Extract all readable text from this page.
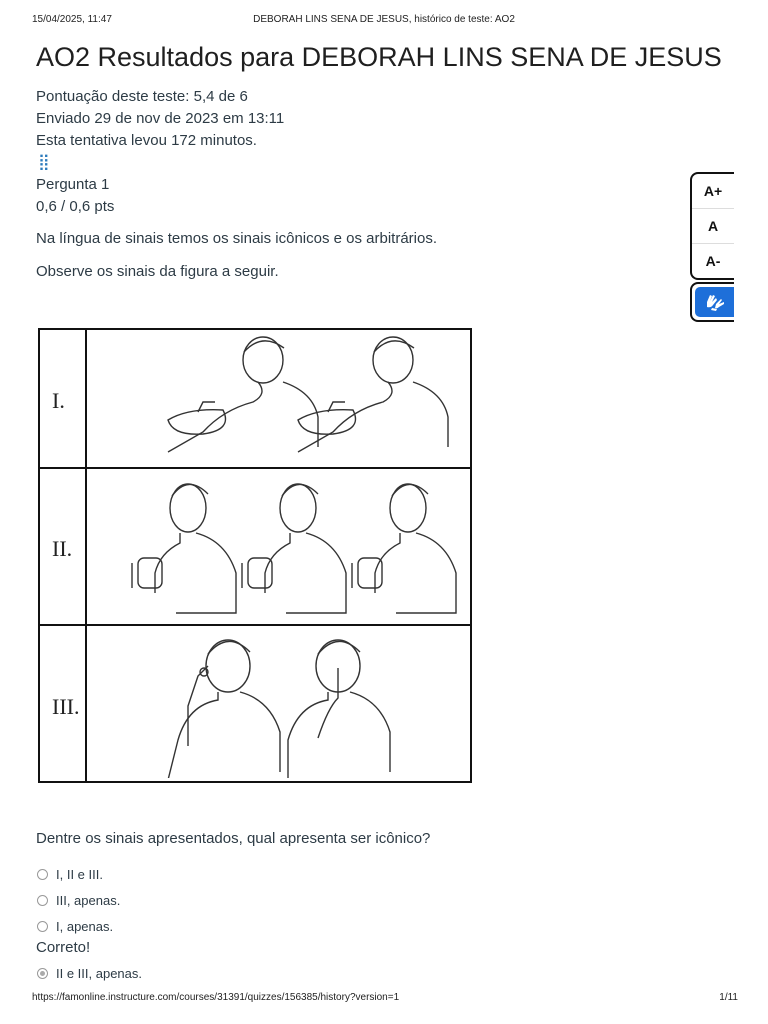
15/04/2025, 11:47	DEBORAH LINS SENA DE JESUS, histórico de teste: AO2
AO2 Resultados para DEBORAH LINS SENA DE JESUS
Pontuação deste teste: 5,4 de 6
Enviado 29 de nov de 2023 em 13:11
Esta tentativa levou 172 minutos.
⣿
Pergunta 1
0,6 / 0,6 pts
Na língua de sinais temos os sinais icônicos e os arbitrários.
Observe os sinais da figura a seguir.
I.
II.
III.
Dentre os sinais apresentados, qual apresenta ser icônico?
I, II e III.
III, apenas.
I, apenas.
Correto!
II e III, apenas.
A+
A
A-
https://famonline.instructure.com/courses/31391/quizzes/156385/history?version=1	1/11
